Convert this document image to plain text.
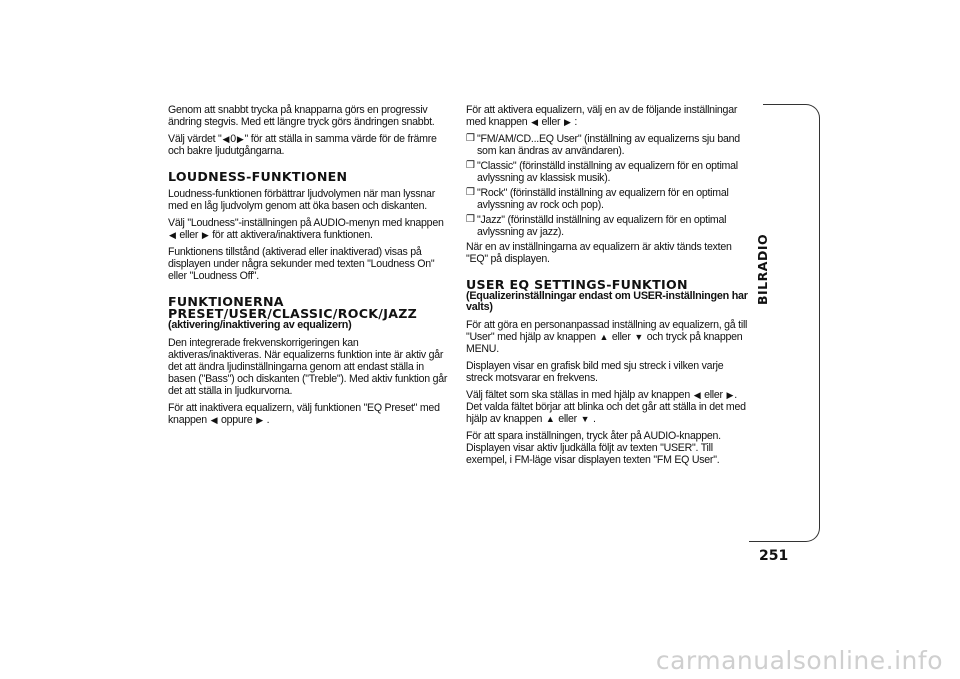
Genom att snabbt trycka på knapparna görs en progressiv ändring stegvis. Med ett längre tryck görs ändringen snabbt.

Välj värdet "◀0▶" för att ställa in samma värde för de främre och bakre ljudutgångarna.

LOUDNESS-FUNKTIONEN

Loudness-funktionen förbättrar ljudvolymen när man lyssnar med en låg ljudvolym genom att öka basen och diskanten.

Välj "Loudness"-inställningen på AUDIO-menyn med knappen ◀ eller ▶ för att aktivera/inaktivera funktionen.

Funktionens tillstånd (aktiverad eller inaktiverad) visas på displayen under några sekunder med texten "Loudness On" eller "Loudness Off".

FUNKTIONERNA
PRESET/USER/CLASSIC/ROCK/JAZZ
(aktivering/inaktivering av equalizern)

Den integrerade frekvenskorrigeringen kan aktiveras/inaktiveras. När equalizerns funktion inte är aktiv går det att ändra ljudinställningarna genom att endast ställa in basen ("Bass") och diskanten ("Treble"). Med aktiv funktion går det att ställa in ljudkurvorna.

För att inaktivera equalizern, välj funktionen "EQ Preset" med knappen ◀ oppure ▶ .

För att aktivera equalizern, välj en av de följande inställningar med knappen ◀ eller ▶ :

❒ "FM/AM/CD...EQ User" (inställning av equalizerns sju band som kan ändras av användaren).
❒ "Classic" (förinställd inställning av equalizern för en optimal avlyssning av klassisk musik).
❒ "Rock" (förinställd inställning av equalizern för en optimal avlyssning av rock och pop).
❒ "Jazz" (förinställd inställning av equalizern för en optimal avlyssning av jazz).

När en av inställningarna av equalizern är aktiv tänds texten "EQ" på displayen.

USER EQ SETTINGS-FUNKTION
(Equalizerinställningar endast om USER-inställningen har valts)

För att göra en personanpassad inställning av equalizern, gå till "User" med hjälp av knappen ▲ eller ▼ och tryck på knappen MENU.

Displayen visar en grafisk bild med sju streck i vilken varje streck motsvarar en frekvens.

Välj fältet som ska ställas in med hjälp av knappen ◀ eller ▶. Det valda fältet börjar att blinka och det går att ställa in det med hjälp av knappen ▲ eller ▼ .

För att spara inställningen, tryck åter på AUDIO-knappen. Displayen visar aktiv ljudkälla följt av texten "USER". Till exempel, i FM-läge visar displayen texten "FM EQ User".

BILRADIO
251
carmanualsonline.info
